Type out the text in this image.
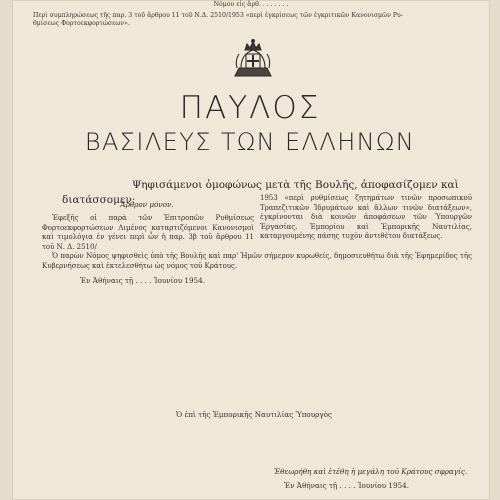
Νόμου εἰς ἄρθ. . . . . . . .

Περὶ συμπληρώσεως τῆς παρ. 3 τοῦ ἄρθρου 11 τοῦ Ν.Δ. 2510/1953 «περὶ ἐγκρίσεως τῶν ἐγκριτικῶν Κανονισμῶν Ρυ-

θμίσεως Φορτοεκφορτώσεων».

ΠΑΥΛΟΣ
ΒΑΣΙΛΕΥΣ ΤΩΝ ΕΛΛΗΝΩΝ

Ψηφισάμενοι ὁμοφώνως μετὰ τῆς Βουλῆς, ἀποφασίζομεν καὶ διατάσσομεν:

Ἄρθρον μόνον.

Ἐφεξῆς οἱ παρὰ τῶν Ἐπιτροπῶν Ρυθμίσεως Φορτοεκφορτώσεων Λιμένος καταρτιζόμενοι Κανονισμοὶ καὶ τιμολόγια ἐν γένει περὶ ὧν ἡ παρ. 3β τοῦ ἄρθρου 11 τοῦ Ν. Δ. 2510/

Ὁ παρὼν Νόμος ψηφισθεὶς ὑπὸ τῆς Βουλῆς καὶ παρ' Ἡμῶν σήμερον κυρωθείς, δημοσιευθήτω διὰ τῆς Ἐφημερίδος τῆς Κυβερνήσεως καὶ ἐκτελεσθήτω ὡς νόμος τοῦ Κράτους.

Ἐν Ἀθήναις τῇ . . . . Ἰουνίου 1954.

1953 «περὶ ρυθμίσεως ζητημάτων τινῶν προσωπικοῦ Τραπεζιτικῶν Ἱδρυμάτων καὶ ἄλλων τινῶν διατάξεων», ἐγκρίνονται διὰ κοινῶν ἀποφάσεων τῶν Ὑπουργῶν Ἐργασίας, Ἐμπορίου καὶ Ἐμπορικῆς Ναυτιλίας, καταργουμένης πάσης τυχὸν ἀντιθέτου διατάξεως.

Ὁ ἐπὶ τῆς Ἐμπορικῆς Ναυτιλίας Ὑπουργὸς

Ἐθεωρήθη καὶ ἐτέθη ἡ μεγάλη τοῦ Κράτους σφραγίς.

Ἐν Ἀθήναις τῇ . . . . Ἰουνίου 1954.
